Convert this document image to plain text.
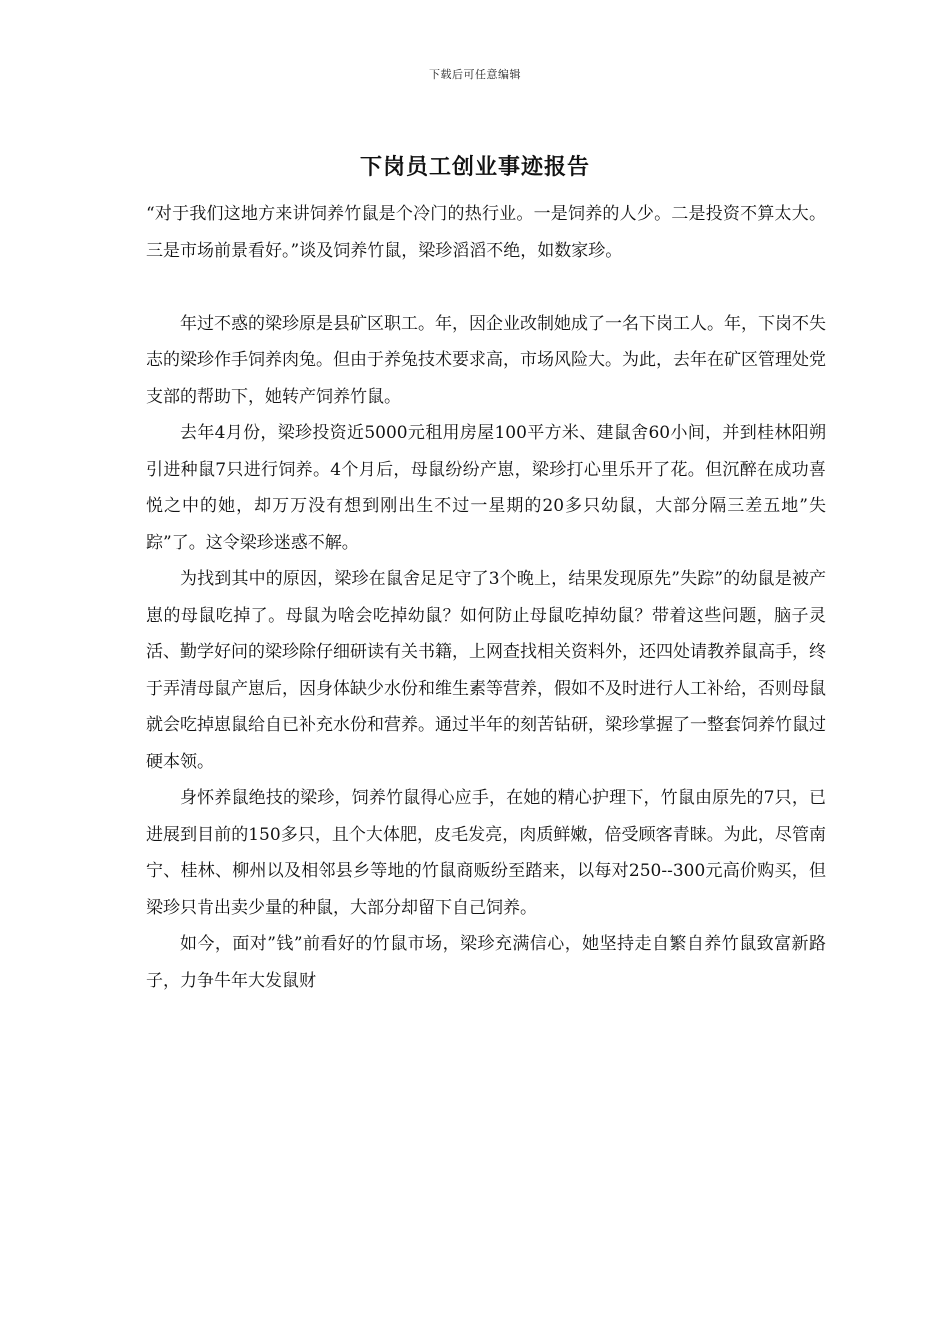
下载后可任意编辑
下岗员工创业事迹报告

“对于我们这地方来讲饲养竹鼠是个冷门的热行业。一是饲养的人少。二是投资不算太大。三是市场前景看好。”谈及饲养竹鼠，梁珍滔滔不绝，如数家珍。

年过不惑的梁珍原是县矿区职工。年，因企业改制她成了一名下岗工人。年，下岗不失志的梁珍作手饲养肉兔。但由于养兔技术要求高，市场风险大。为此，去年在矿区管理处党支部的帮助下，她转产饲养竹鼠。

去年4月份，梁珍投资近5000元租用房屋100平方米、建鼠舍60小间，并到桂林阳朔引进种鼠7只进行饲养。4个月后，母鼠纷纷产崽，梁珍打心里乐开了花。但沉醉在成功喜悦之中的她，却万万没有想到刚出生不过一星期的20多只幼鼠，大部分隔三差五地”失踪”了。这令梁珍迷惑不解。

为找到其中的原因，梁珍在鼠舍足足守了3个晚上，结果发现原先”失踪”的幼鼠是被产崽的母鼠吃掉了。母鼠为啥会吃掉幼鼠？如何防止母鼠吃掉幼鼠？带着这些问题，脑子灵活、勤学好问的梁珍除仔细研读有关书籍，上网查找相关资料外，还四处请教养鼠高手，终于弄清母鼠产崽后，因身体缺少水份和维生素等营养，假如不及时进行人工补给，否则母鼠就会吃掉崽鼠给自已补充水份和营养。通过半年的刻苦钻研，梁珍掌握了一整套饲养竹鼠过硬本领。

身怀养鼠绝技的梁珍，饲养竹鼠得心应手，在她的精心护理下，竹鼠由原先的7只，已进展到目前的150多只，且个大体肥，皮毛发亮，肉质鲜嫩，倍受顾客青睐。为此，尽管南宁、桂林、柳州以及相邻县乡等地的竹鼠商贩纷至踏来，以每对250--300元高价购买，但梁珍只肯出卖少量的种鼠，大部分却留下自己饲养。

如今，面对”钱”前看好的竹鼠市场，梁珍充满信心，她坚持走自繁自养竹鼠致富新路子，力争牛年大发鼠财
